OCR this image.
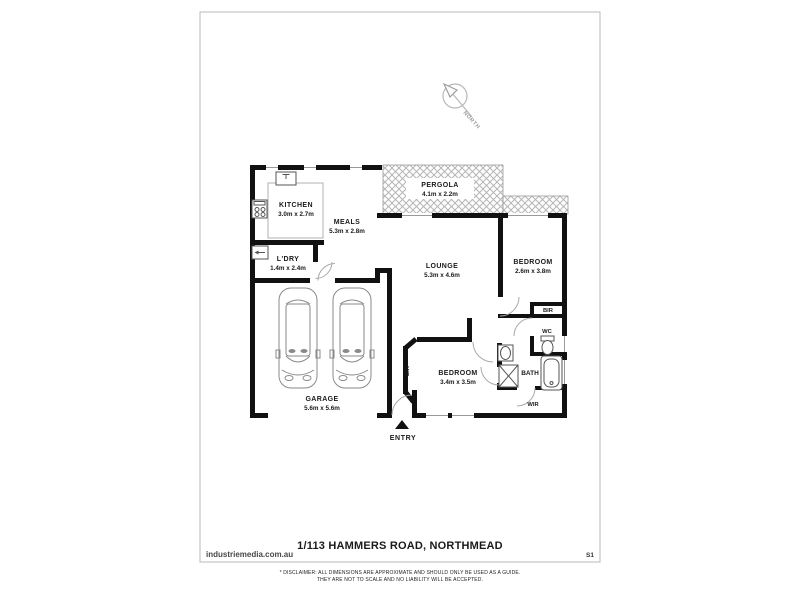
NORTH
KITCHEN
3.0m x 2.7m
MEALS
5.3m x 2.8m
PERGOLA
4.1m x 2.2m
L'DRY
1.4m x 2.4m	LOUNGE
5.3m x 4.6m
BEDROOM
2.6m x 3.8m
BEDROOM
3.4m x 3.5m
GARAGE
5.6m x 5.6m
BIR
WC
BATH
WIR
BIR
ENTRY
1/113 HAMMERS ROAD, NORTHMEAD
industriemedia.com.au	S1
* DISCLAIMER: ALL DIMENSIONS ARE APPROXIMATE AND SHOULD ONLY BE USED AS A GUIDE.
THEY ARE NOT TO SCALE AND NO LIABILITY WILL BE ACCEPTED.
